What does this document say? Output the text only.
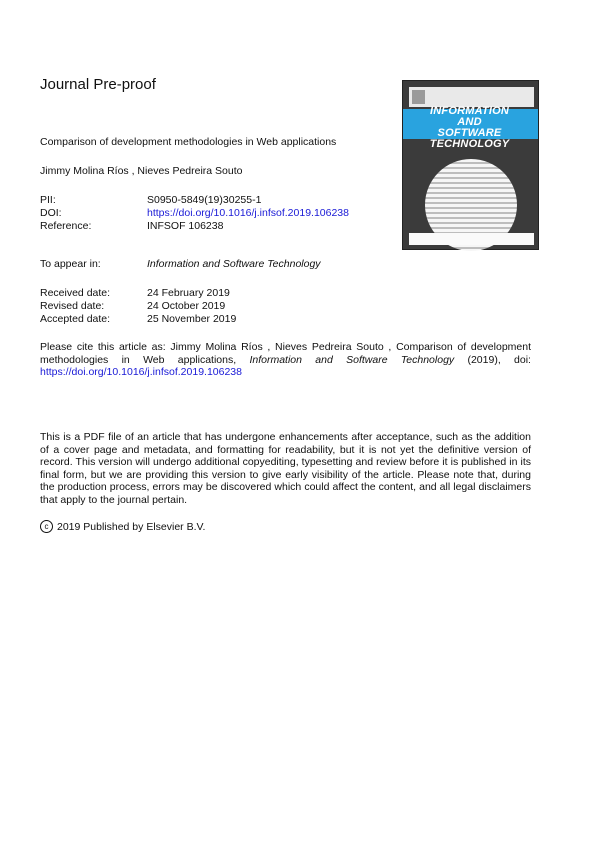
Journal Pre-proof
INFORMATION
AND
SOFTWARE
TECHNOLOGY
Comparison of development methodologies in Web applications
Jimmy Molina Ríos , Nieves Pedreira Souto
PII:	S0950-5849(19)30255-1
DOI:	https://doi.org/10.1016/j.infsof.2019.106238
Reference:	INFSOF 106238
To appear in:	Information and Software Technology
Received date:	24 February 2019
Revised date:	24 October 2019
Accepted date:	25 November 2019
Please cite this article as: Jimmy Molina Ríos , Nieves Pedreira Souto , Comparison of development methodologies in Web applications, Information and Software Technology (2019), doi: https://doi.org/10.1016/j.infsof.2019.106238
This is a PDF file of an article that has undergone enhancements after acceptance, such as the addition of a cover page and metadata, and formatting for readability, but it is not yet the definitive version of record. This version will undergo additional copyediting, typesetting and review before it is published in its final form, but we are providing this version to give early visibility of the article. Please note that, during the production process, errors may be discovered which could affect the content, and all legal disclaimers that apply to the journal pertain.
c 2019 Published by Elsevier B.V.
